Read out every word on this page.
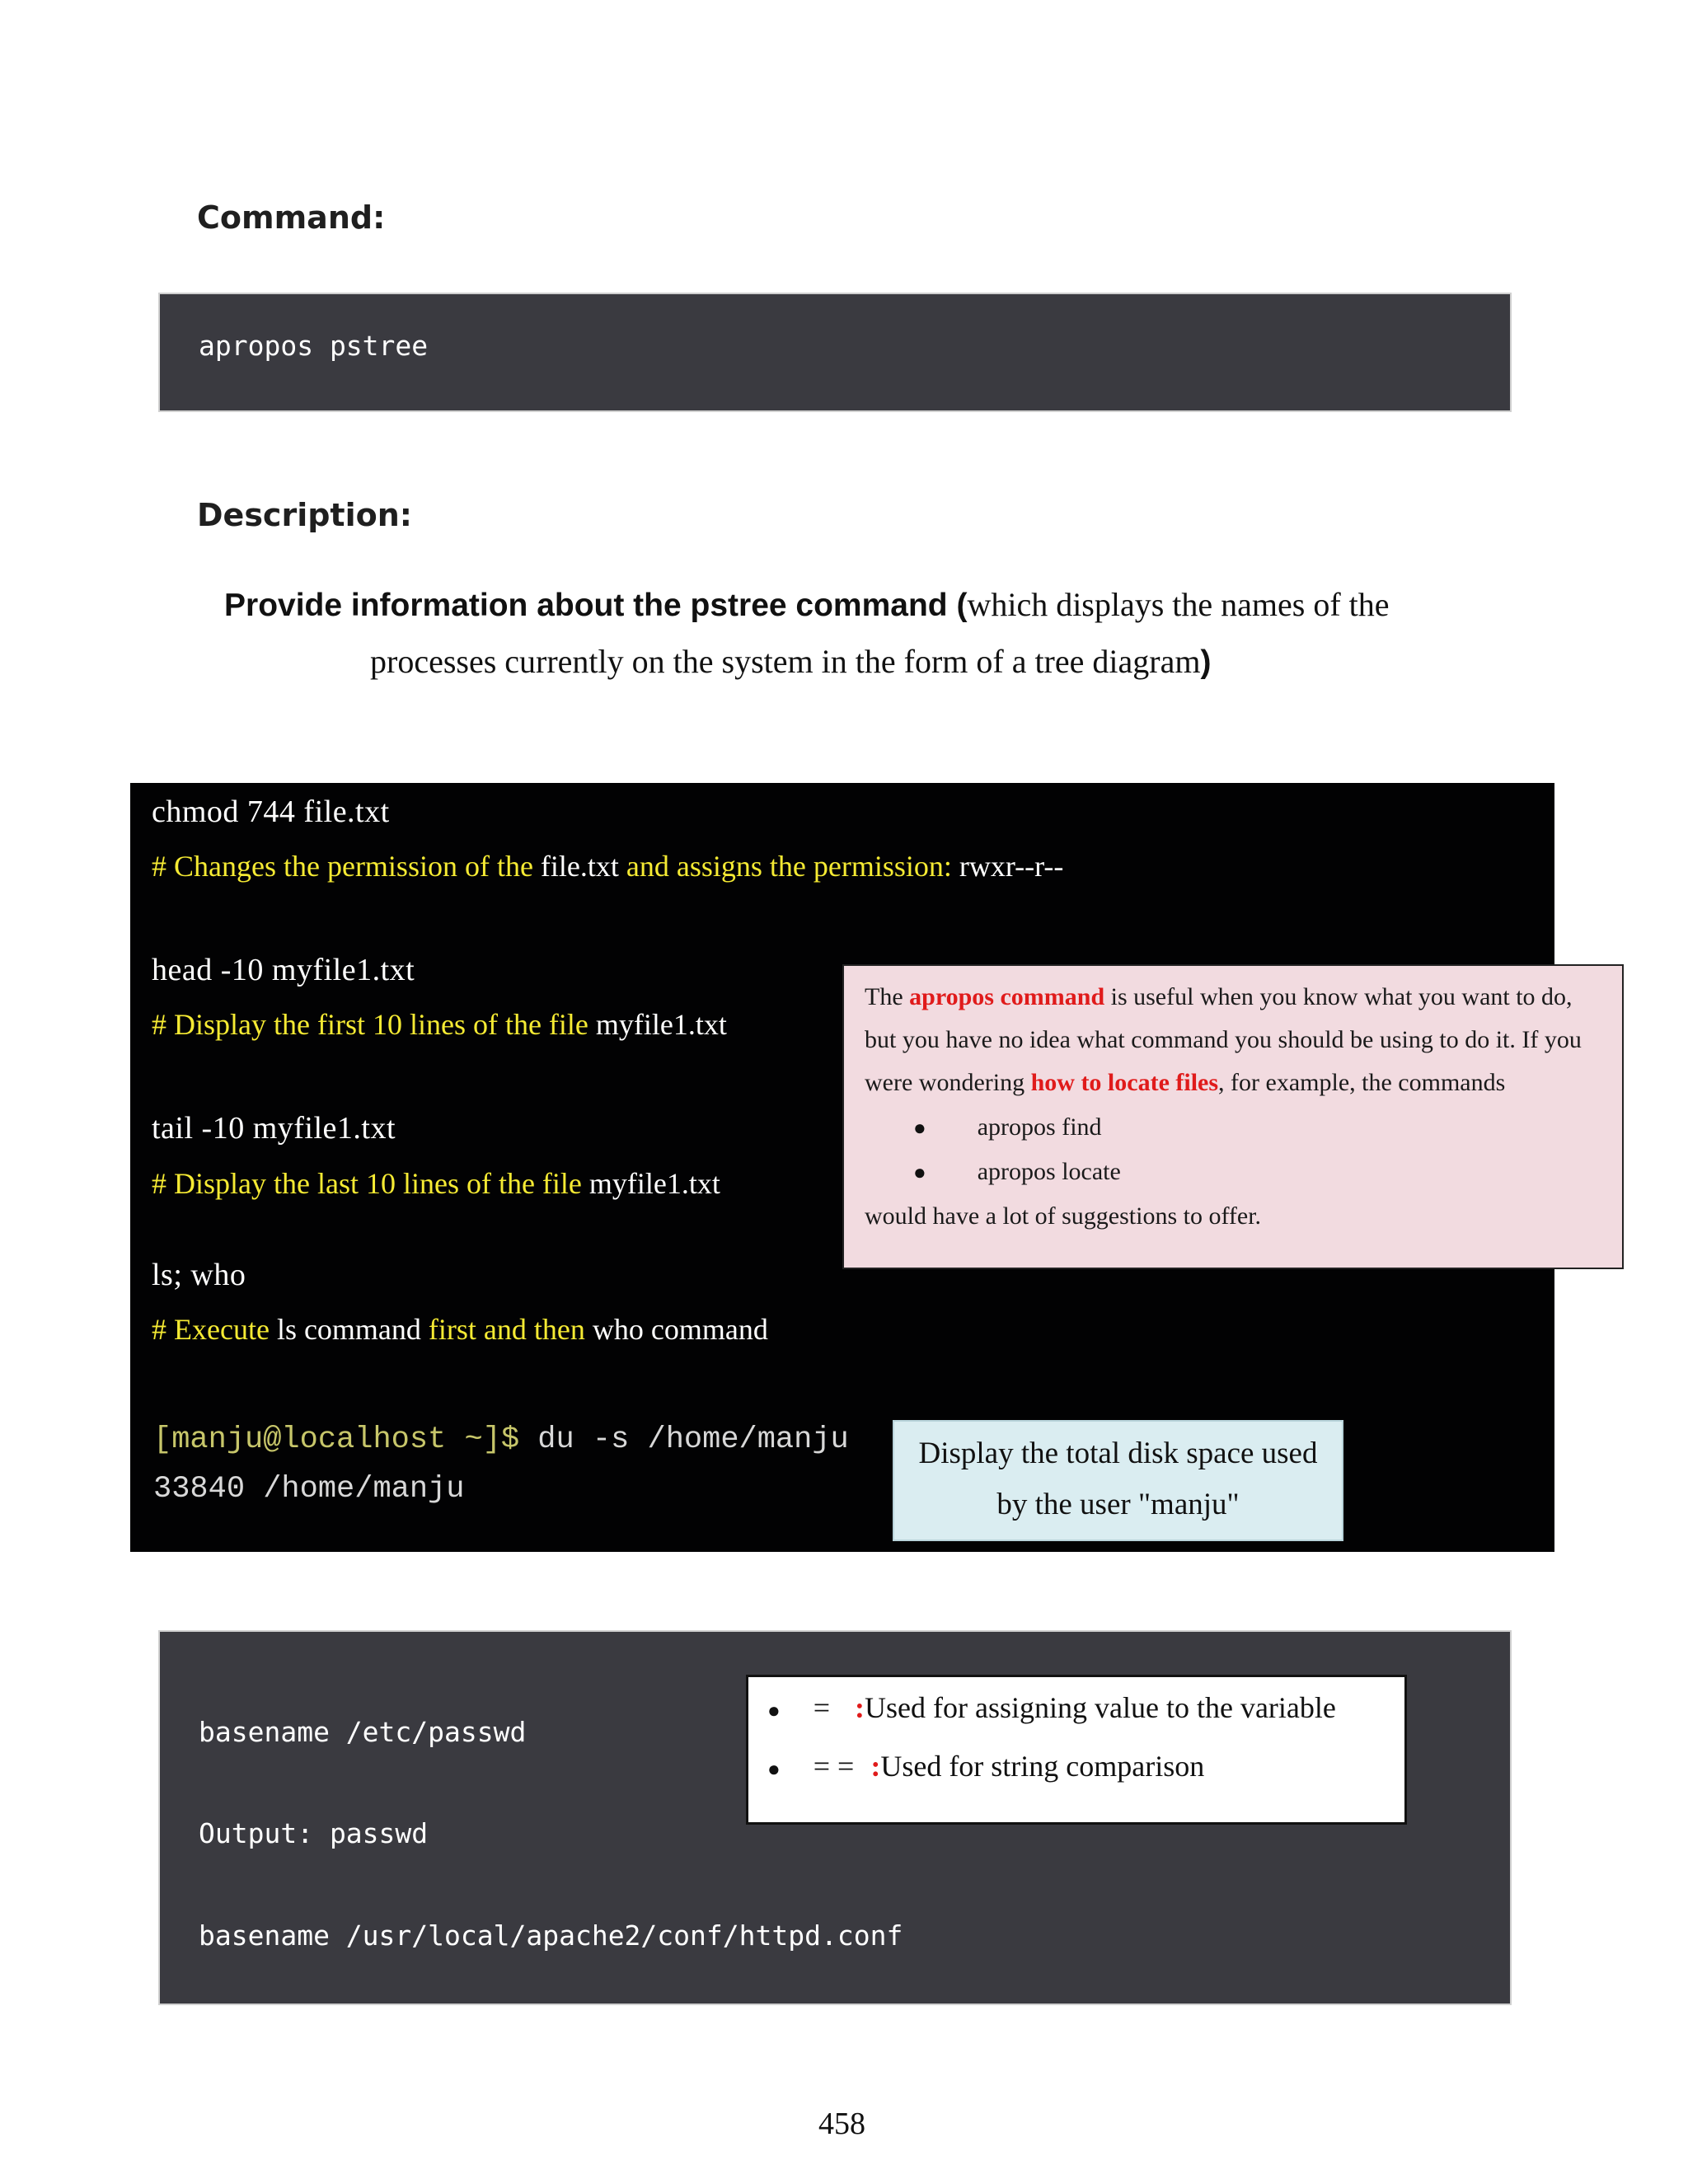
Command:
apropos pstree
Description:
Provide information about the pstree command (which displays the names of the
processes currently on the system in the form of a tree diagram)
chmod 744 file.txt
# Changes the permission of the file.txt and assigns the permission: rwxr--r--
head -10 myfile1.txt
# Display the first 10 lines of the file myfile1.txt
tail -10 myfile1.txt
# Display the last 10 lines of the file myfile1.txt
ls; who
# Execute ls command first and then who command
[manju@localhost ~]$ du -s /home/manju
33840 /home/manju
The apropos command is useful when you know what you want to do,
but you have no idea what command you should be using to do it. If you
were wondering how to locate files, for example, the commands
● apropos find
● apropos locate
would have a lot of suggestions to offer.
Display the total disk space used
by the user "manju"
basename /etc/passwd
Output: passwd
basename /usr/local/apache2/conf/httpd.conf
● = :Used for assigning value to the variable
● = = :Used for string comparison
458
